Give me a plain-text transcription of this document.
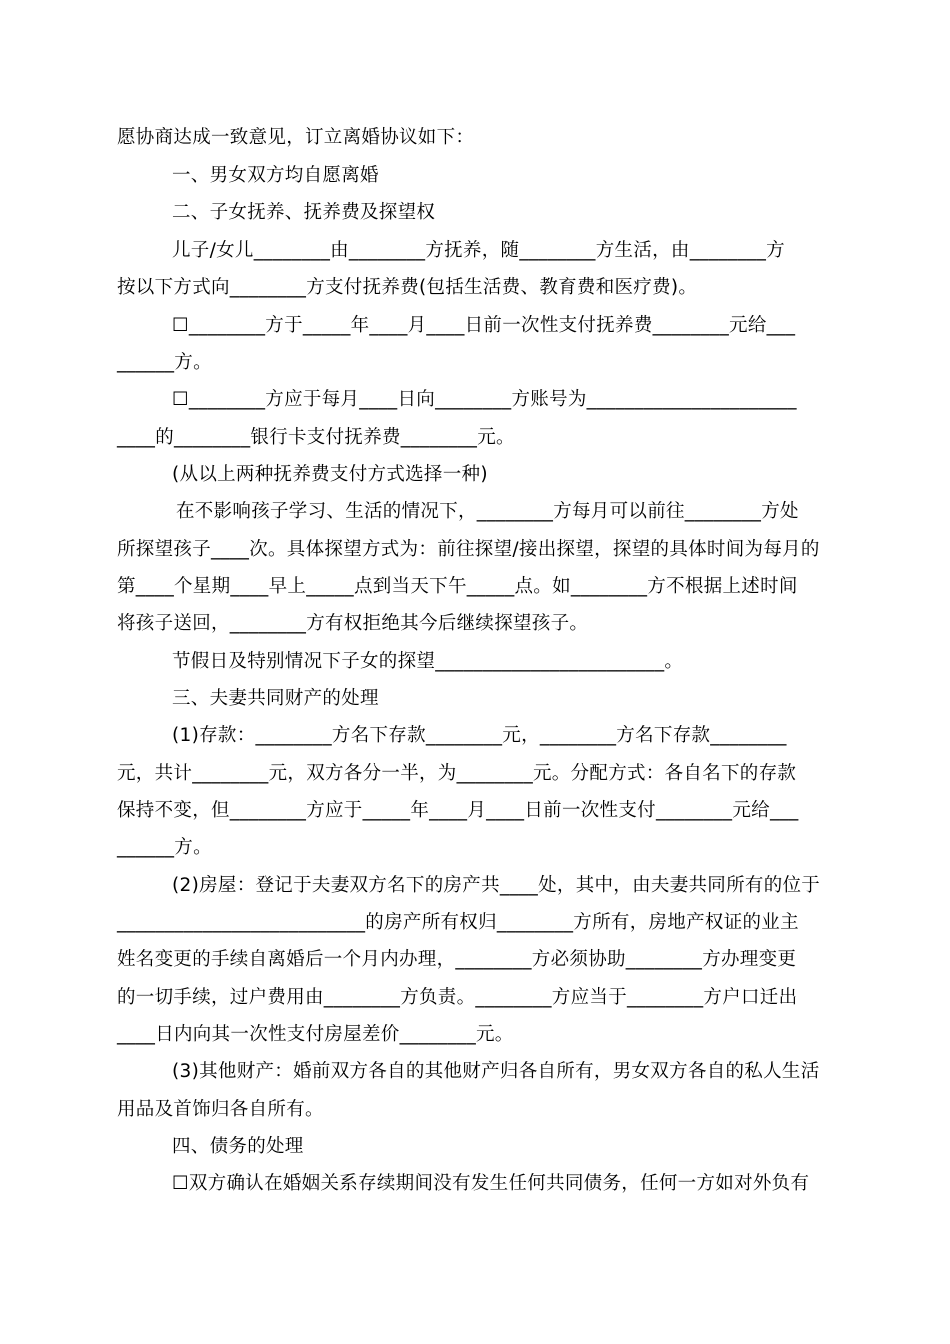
愿协商达成一致意见，订立离婚协议如下：
一、男女双方均自愿离婚
二、子女抚养、抚养费及探望权
儿子/女儿________由________方抚养，随________方生活，由________方
按以下方式向________方支付抚养费(包括生活费、教育费和医疗费)。
☐________方于_____年____月____日前一次性支付抚养费________元给___
______方。
☐________方应于每月____日向________方账号为______________________
____的________银行卡支付抚养费________元。
(从以上两种抚养费支付方式选择一种)
在不影响孩子学习、生活的情况下，________方每月可以前往________方处
所探望孩子____次。具体探望方式为：前往探望/接出探望，探望的具体时间为每月的
第____个星期____早上_____点到当天下午_____点。如________方不根据上述时间
将孩子送回，________方有权拒绝其今后继续探望孩子。
节假日及特别情况下子女的探望________________________。
三、夫妻共同财产的处理
(1)存款：________方名下存款________元，________方名下存款________
元，共计________元，双方各分一半，为________元。分配方式：各自名下的存款
保持不变，但________方应于_____年____月____日前一次性支付________元给___
______方。
(2)房屋：登记于夫妻双方名下的房产共____处，其中，由夫妻共同所有的位于
__________________________的房产所有权归________方所有，房地产权证的业主
姓名变更的手续自离婚后一个月内办理，________方必须协助________方办理变更
的一切手续，过户费用由________方负责。________方应当于________方户口迁出
____日内向其一次性支付房屋差价________元。
(3)其他财产：婚前双方各自的其他财产归各自所有，男女双方各自的私人生活
用品及首饰归各自所有。
四、债务的处理
☐双方确认在婚姻关系存续期间没有发生任何共同债务，任何一方如对外负有
